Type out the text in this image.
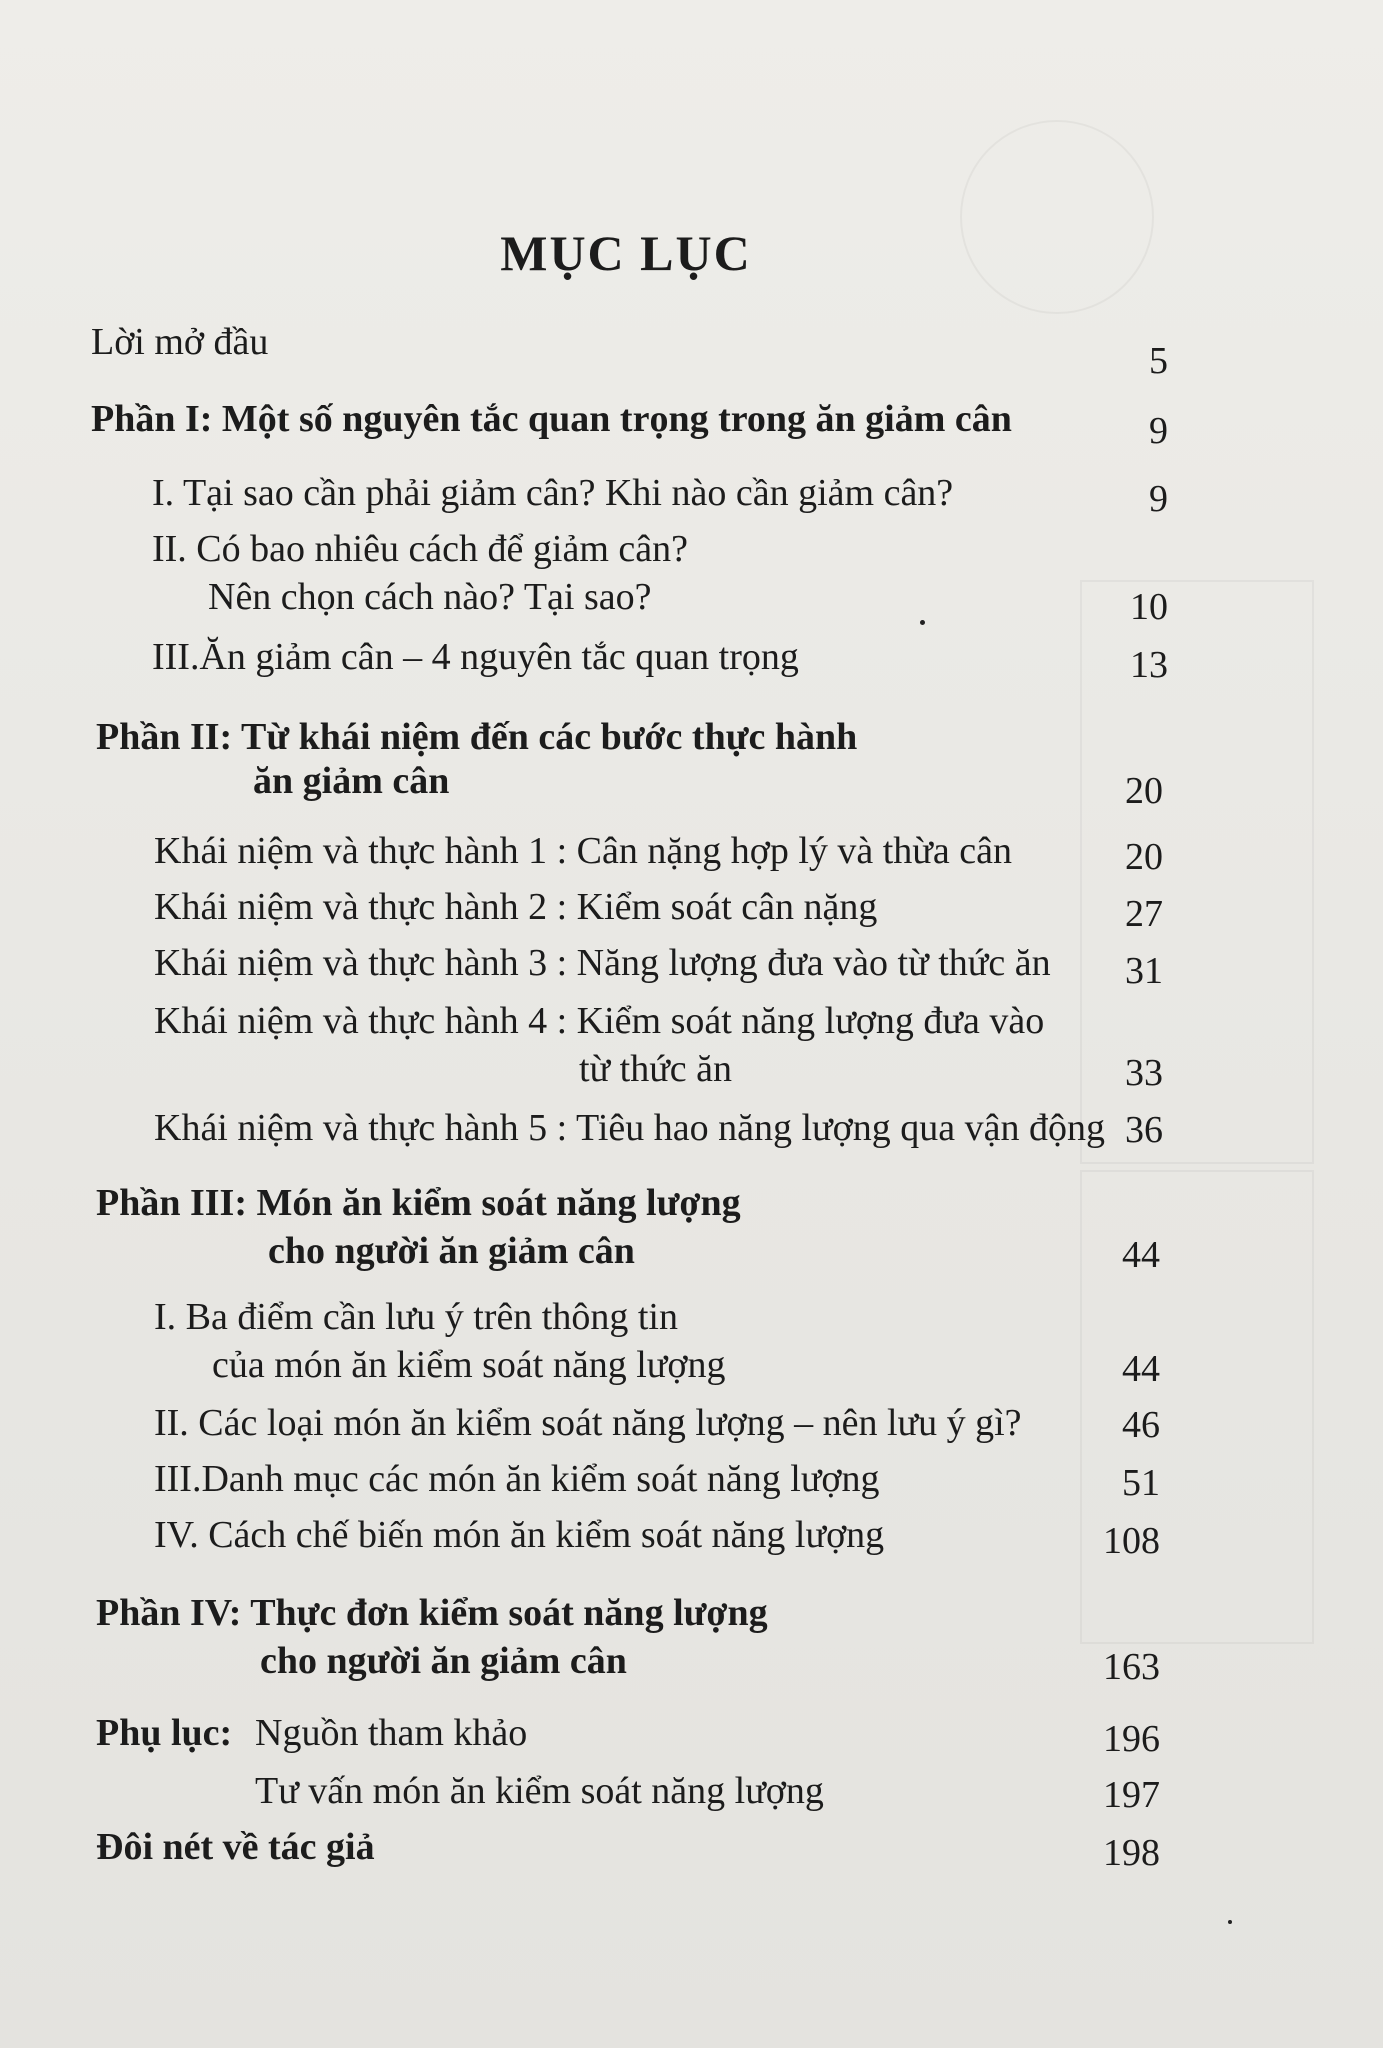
MỤC LỤC
Lời mở đầu	5
Phần I: Một số nguyên tắc quan trọng trong ăn giảm cân	9
I. Tại sao cần phải giảm cân? Khi nào cần giảm cân?	9
II. Có bao nhiêu cách để giảm cân?
Nên chọn cách nào? Tại sao?	10
III.Ăn giảm cân – 4 nguyên tắc quan trọng	13
Phần II: Từ khái niệm đến các bước thực hành
ăn giảm cân	20
Khái niệm và thực hành 1 : Cân nặng hợp lý và thừa cân	20
Khái niệm và thực hành 2 : Kiểm soát cân nặng	27
Khái niệm và thực hành 3 : Năng lượng đưa vào từ thức ăn	31
Khái niệm và thực hành 4 : Kiểm soát năng lượng đưa vào
từ thức ăn	33
Khái niệm và thực hành 5 : Tiêu hao năng lượng qua vận động 36
Phần III: Món ăn kiểm soát năng lượng
cho người ăn giảm cân	44
I. Ba điểm cần lưu ý trên thông tin
của món ăn kiểm soát năng lượng	44
II. Các loại món ăn kiểm soát năng lượng – nên lưu ý gì?	46
III.Danh mục các món ăn kiểm soát năng lượng	51
IV. Cách chế biến món ăn kiểm soát năng lượng	108
Phần IV: Thực đơn kiểm soát năng lượng
cho người ăn giảm cân	163
Phụ lục: Nguồn tham khảo	196
Tư vấn món ăn kiểm soát năng lượng	197
Đôi nét về tác giả	198
